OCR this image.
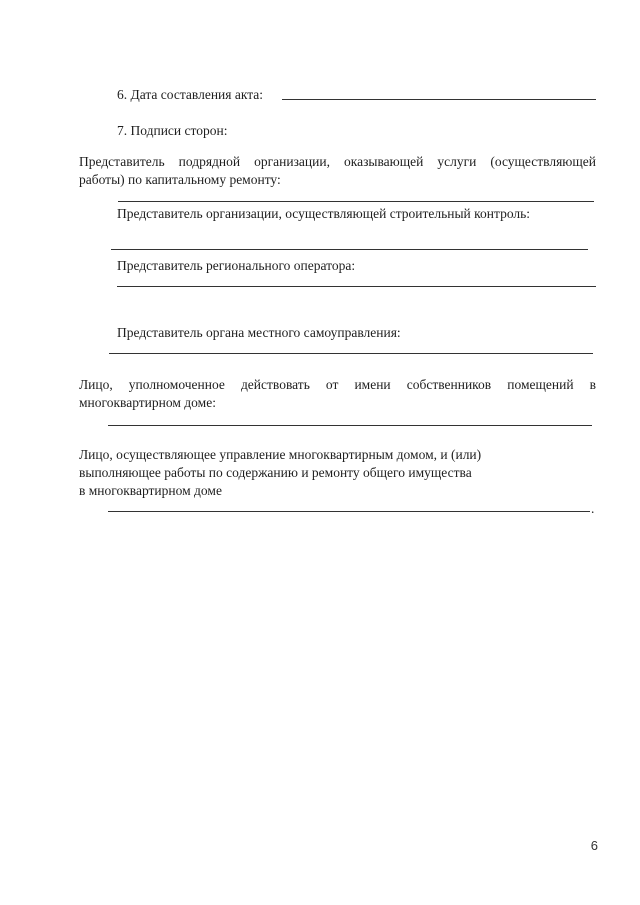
6. Дата составления акта:
7. Подписи сторон:
Представитель подрядной организации, оказывающей услуги (осуществляющей
работы) по капитальному ремонту:
Представитель организации, осуществляющей строительный контроль:
Представитель регионального оператора:
Представитель органа местного самоуправления:
Лицо, уполномоченное действовать от имени собственников помещений в
многоквартирном доме:
Лицо, осуществляющее управление многоквартирным домом, и (или)
выполняющее работы по содержанию и ремонту общего имущества
в многоквартирном доме
.
6
